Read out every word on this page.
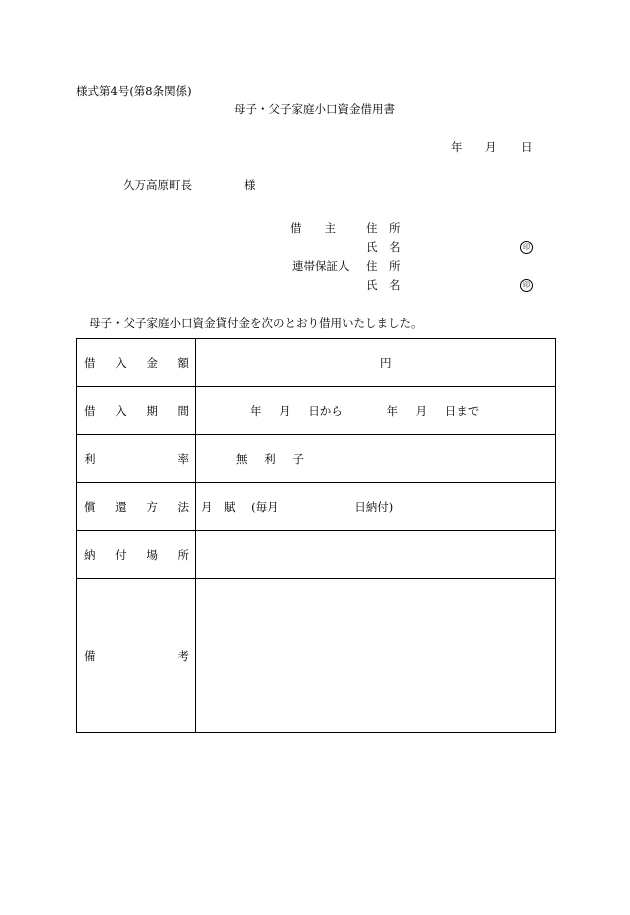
様式第4号(第8条関係)
母子・父子家庭小口資金借用書
年 月 日
久万高原町長	様
借　　主	住　所
氏　名	印
連帯保証人 住　所
氏　名	印
母子・父子家庭小口資金貸付金を次のとおり借用いたしました。
借 入 金 額	円

借 入 期 間	年 月 日から 年 月 日まで

利 率	無 利 子

償 還 方 法	月　賦 (毎月 日納付)

納 付 場 所	

備 考	
